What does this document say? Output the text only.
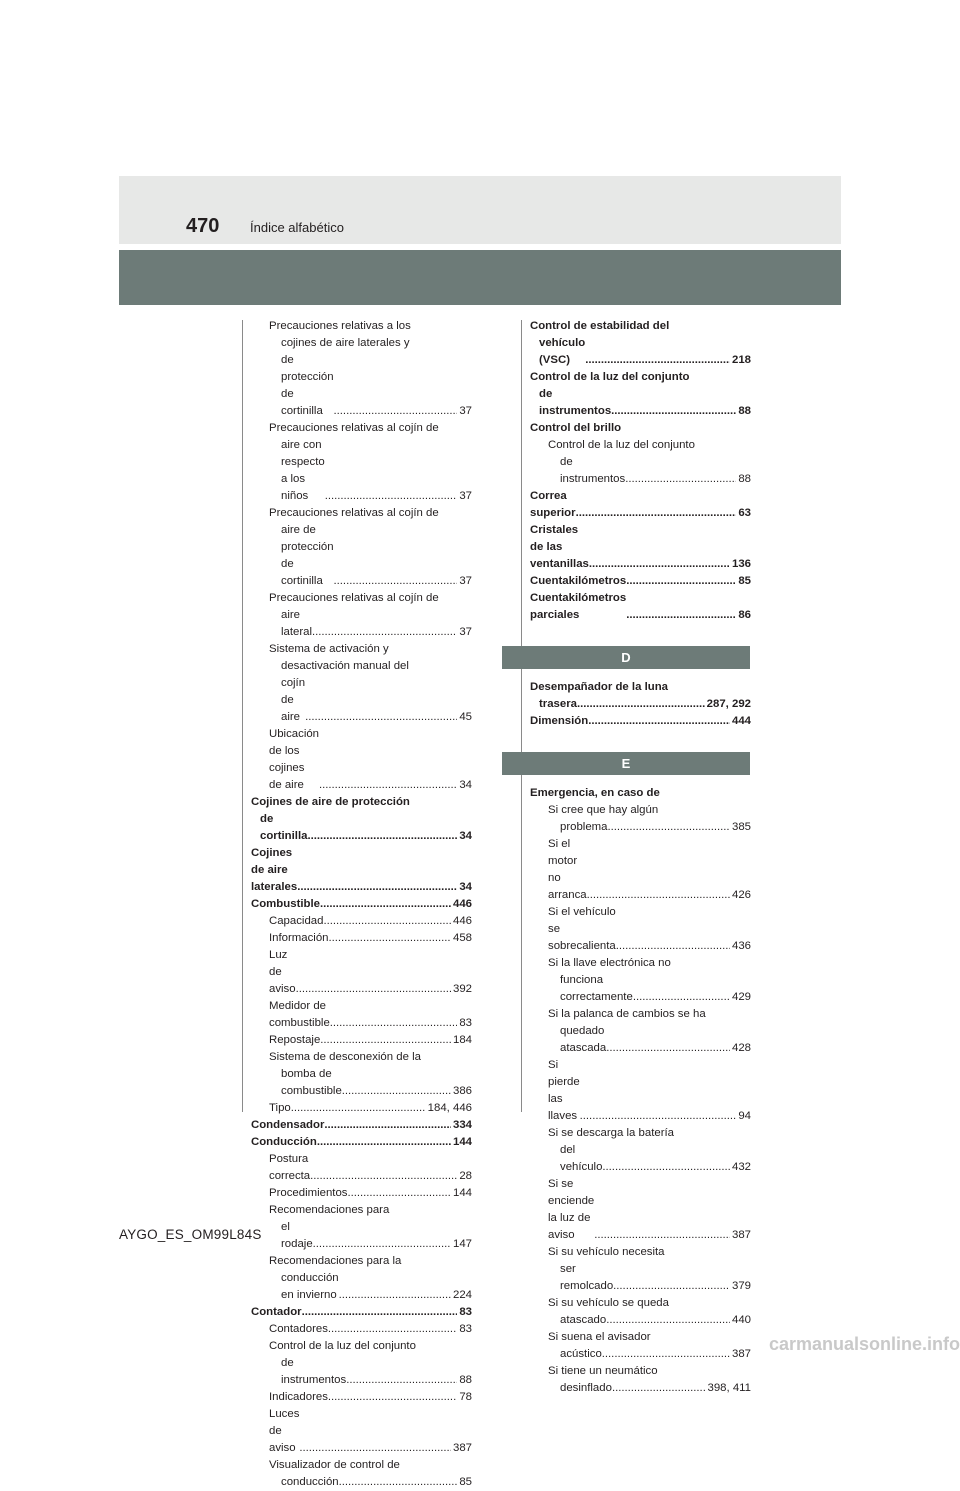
470 Índice alfabético
Precauciones relativas a los
cojines de aire laterales y
de protección de cortinilla . . .	37
Precauciones relativas al cojín de
aire con respecto a los niños . . .	37
Precauciones relativas al cojín de
aire de protección de cortinilla . . .	37
Precauciones relativas al cojín de
aire lateral . . .	37
Sistema de activación y
desactivación manual del
cojín de aire . . .	45
Ubicación de los cojines de aire . . .	34
Cojines de aire de protección
de cortinilla . . .	34
Cojines de aire laterales . . .	34
Combustible . . .	446
Capacidad . . .	446
Información . . .	458
Luz de aviso . . .	392
Medidor de combustible . . .	83
Repostaje . . .	184
Sistema de desconexión de la
bomba de combustible . . .	386
Tipo . . .	184, 446
Condensador . . .	334
Conducción . . .	144
Postura correcta . . .	28
Procedimientos . . .	144
Recomendaciones para
el rodaje . . .	147
Recomendaciones para la
conducción en invierno . . .	224
Contador . . .	83
Contadores . . .	83
Control de la luz del conjunto
de instrumentos . . .	88
Indicadores . . .	78
Luces de aviso . . .	387
Visualizador de control de
conducción . . .	85
Control de estabilidad del
vehículo (VSC) . . .	218
Control de la luz del conjunto
de instrumentos . . .	88
Control del brillo
Control de la luz del conjunto
de instrumentos . . .	88
Correa superior . . .	63
Cristales de las ventanillas . . .	136
Cuentakilómetros . . .	85
Cuentakilómetros parciales . . .	86
D
Desempañador de la luna
trasera . . .	287, 292
Dimensión . . .	444
E
Emergencia, en caso de
Si cree que hay algún
problema . . .	385
Si el motor no arranca . . .	426
Si el vehículo se sobrecalienta . . .	436
Si la llave electrónica no
funciona correctamente . . .	429
Si la palanca de cambios se ha
quedado atascada . . .	428
Si pierde las llaves . . .	94
Si se descarga la batería
del vehículo . . .	432
Si se enciende la luz de aviso . . .	387
Si su vehículo necesita
ser remolcado . . .	379
Si su vehículo se queda
atascado . . .	440
Si suena el avisador
acústico . . .	387
Si tiene un neumático
desinflado . . .	398, 411
AYGO_ES_OM99L84S
carmanualsonline.info
